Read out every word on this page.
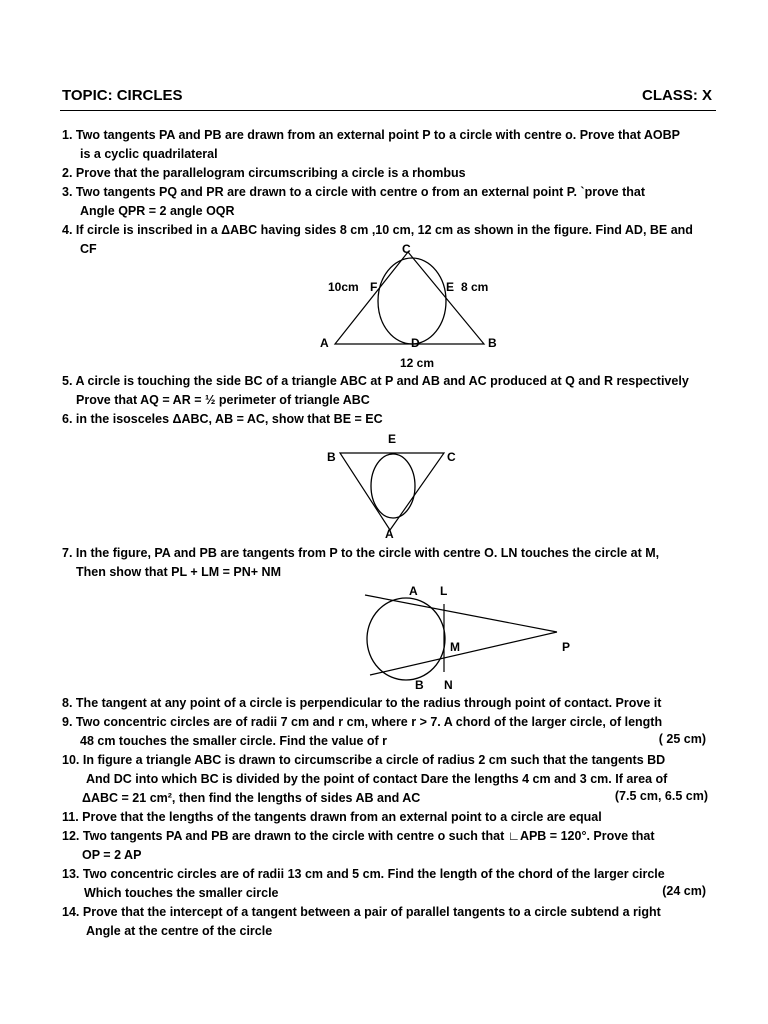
TOPIC: CIRCLES	CLASS: X
1. Two tangents PA and PB are drawn from an external point P to a circle with centre o. Prove that AOBP
is a cyclic quadrilateral
2. Prove that the parallelogram circumscribing a circle is a rhombus
3. Two tangents PQ and PR are drawn to a circle with centre o from an external point P. `prove that
Angle QPR = 2 angle OQR
4. If circle is inscribed in a ΔABC having sides 8 cm ,10 cm, 12 cm as shown in the figure. Find AD, BE and
CF	C
F	E
10cm	8 cm
A	B
D
12 cm
5. A circle is touching the side BC of a triangle ABC at P and AB and AC produced at Q and R respectively
Prove that AQ = AR = ½ perimeter of triangle ABC
6. in the isosceles ΔABC, AB = AC, show that BE = EC
E
B	C
A
7. In the figure, PA and PB are tangents from P to the circle with centre O. LN touches the circle at M,
Then show that PL + LM = PN+ NM
A L
M	P
B N
8. The tangent at any point of a circle is perpendicular to the radius through point of contact. Prove it
9. Two concentric circles are of radii 7 cm and r cm, where r > 7. A chord of the larger circle, of length
48 cm touches the smaller circle. Find the value of r	( 25 cm)
10. In figure a triangle ABC is drawn to circumscribe a circle of radius 2 cm such that the tangents BD
And DC into which BC is divided by the point of contact Dare the lengths 4 cm and 3 cm. If area of
ΔABC = 21 cm², then find the lengths of sides AB and AC	(7.5 cm, 6.5 cm)
11. Prove that the lengths of the tangents drawn from an external point to a circle are equal
12. Two tangents PA and PB are drawn to the circle with centre o such that ∟APB = 120°. Prove that
OP = 2 AP
13. Two concentric circles are of radii 13 cm and 5 cm. Find the length of the chord of the larger circle
Which touches the smaller circle	(24 cm)
14. Prove that the intercept of a tangent between a pair of parallel tangents to a circle subtend a right
Angle at the centre of the circle
